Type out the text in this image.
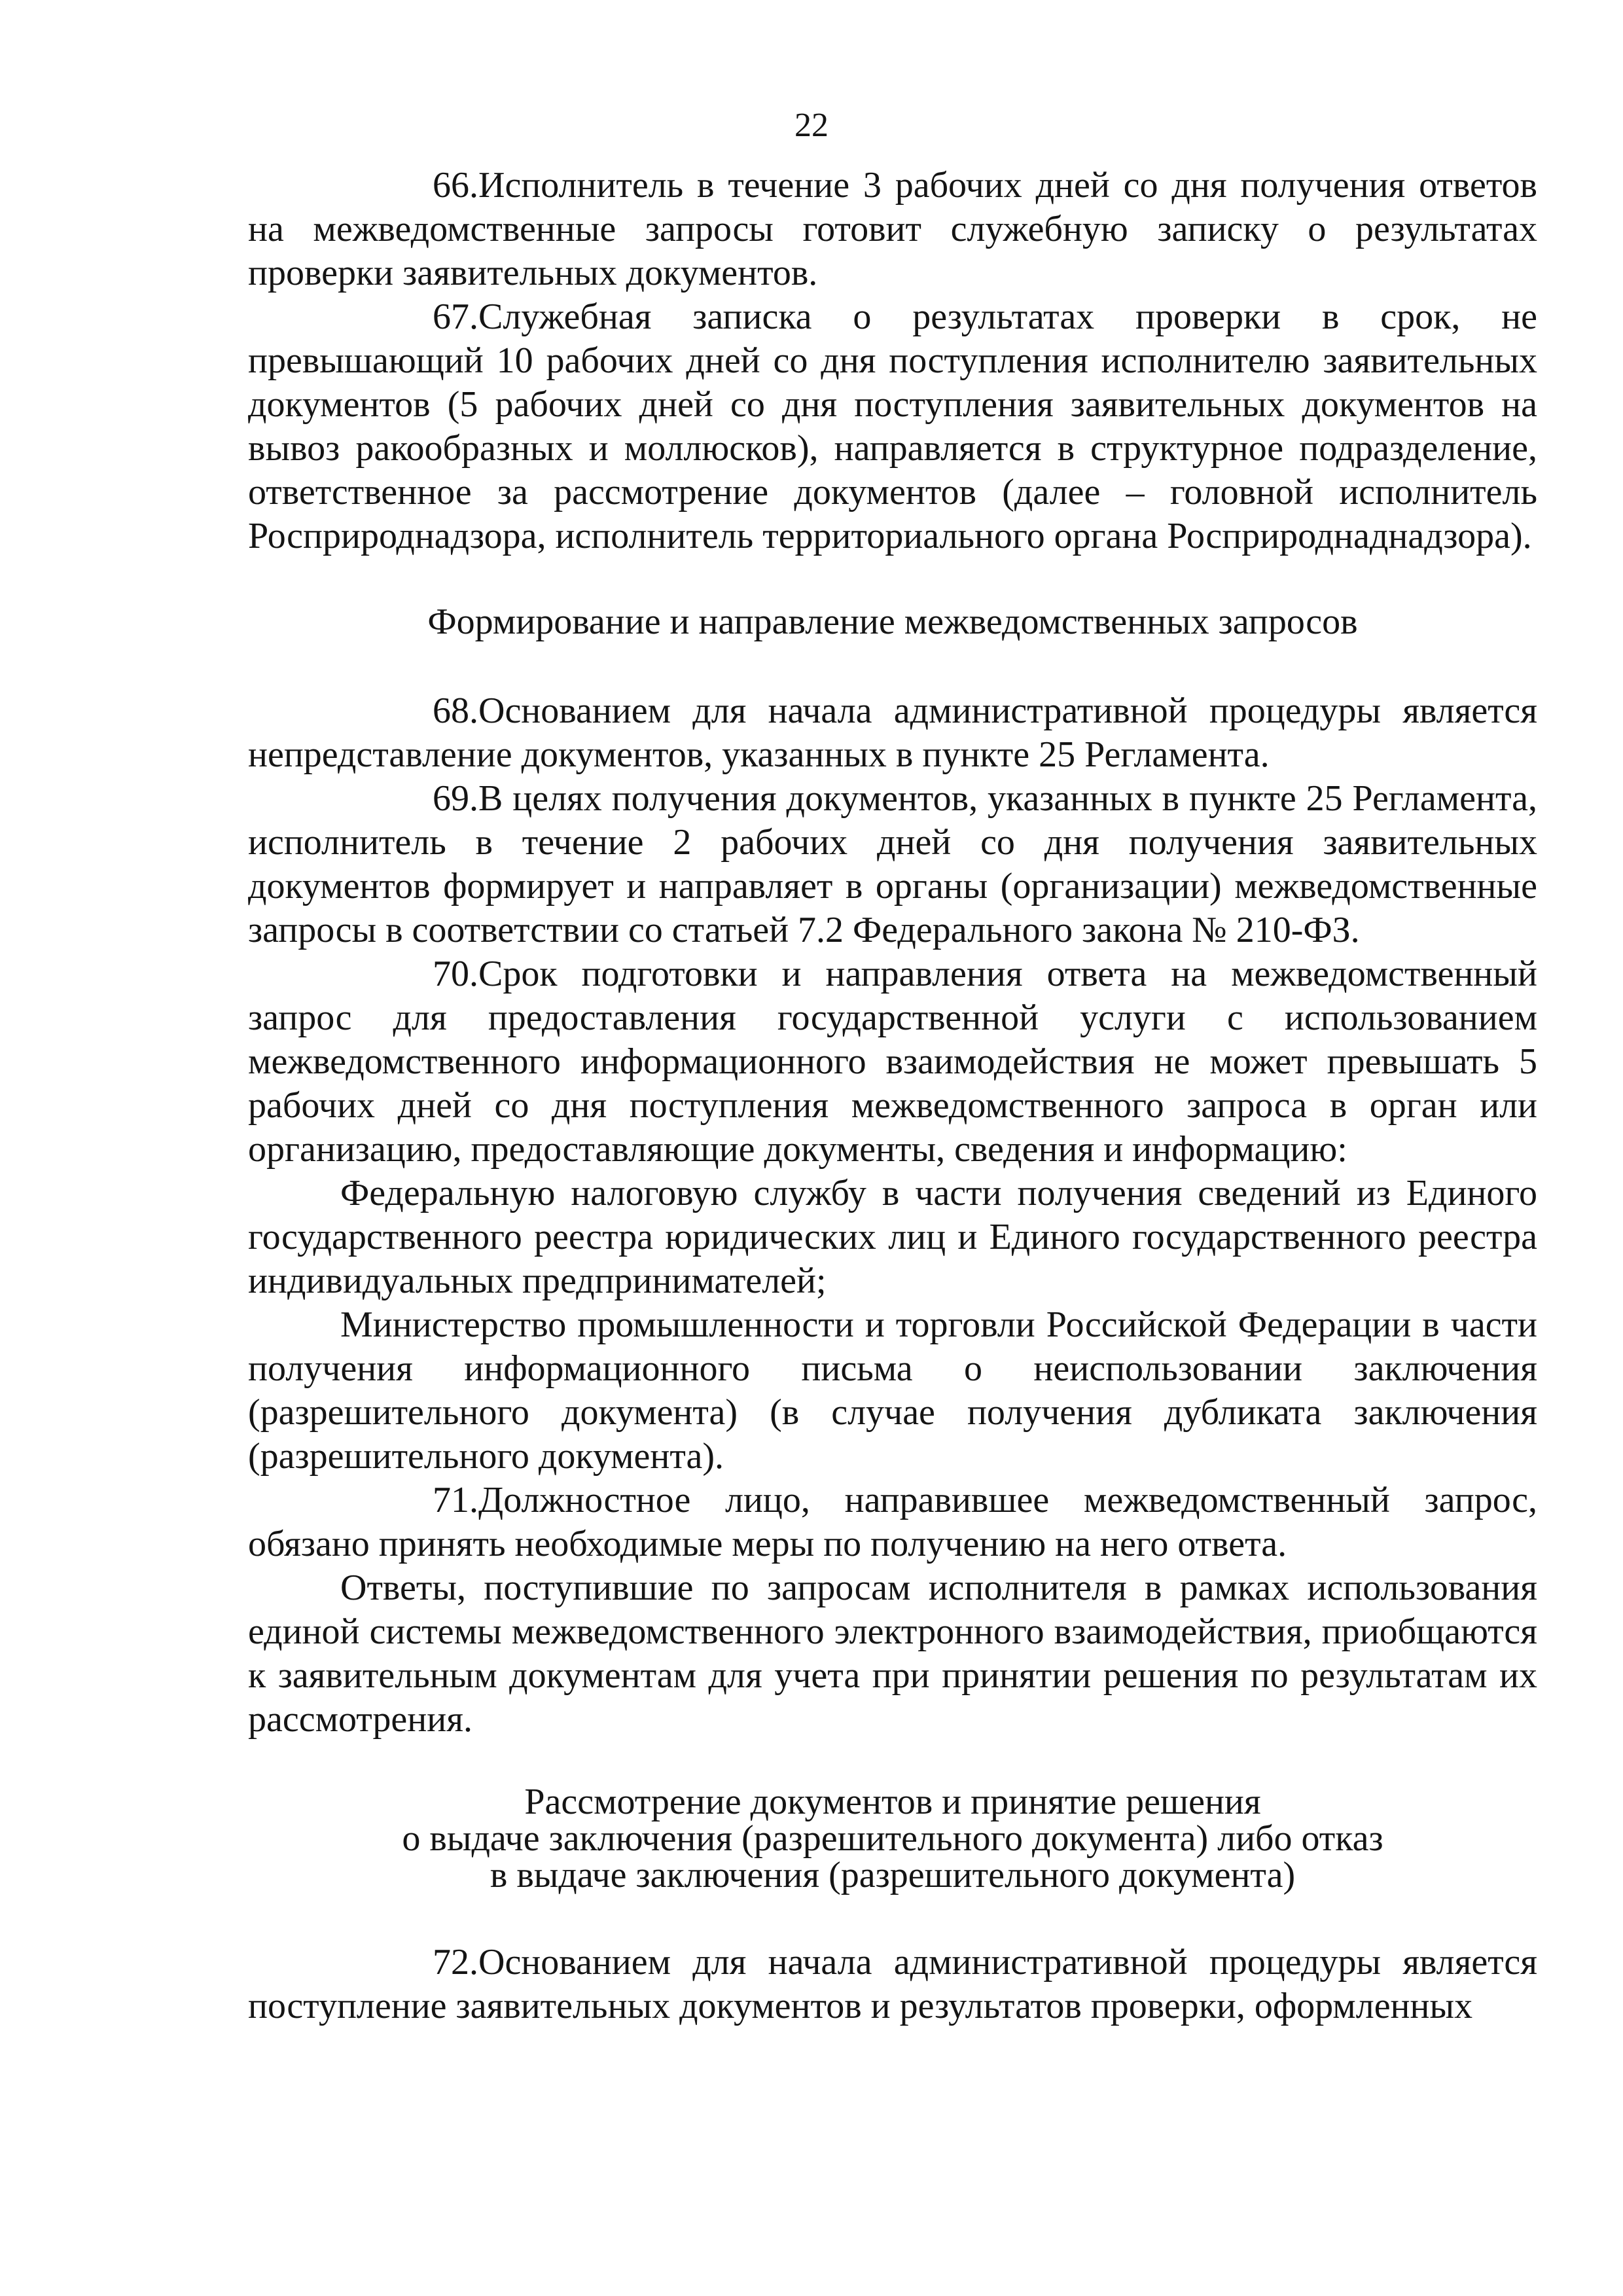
22

66.Исполнитель в течение 3 рабочих дней со дня получения ответов на межведомственные запросы готовит служебную записку о результатах проверки заявительных документов.

67.Служебная записка о результатах проверки в срок, не превышающий 10 рабочих дней со дня поступления исполнителю заявительных документов (5 рабочих дней со дня поступления заявительных документов на вывоз ракообразных и моллюсков), направляется в структурное подразделение, ответственное за рассмотрение документов (далее – головной исполнитель Росприроднадзора, исполнитель территориального органа Росприроднаднадзора).

Формирование и направление межведомственных запросов

68.Основанием для начала административной процедуры является непредставление документов, указанных в пункте 25 Регламента.

69.В целях получения документов, указанных в пункте 25 Регламента, исполнитель в течение 2 рабочих дней со дня получения заявительных документов формирует и направляет в органы (организации) межведомственные запросы в соответствии со статьей 7.2 Федерального закона № 210-ФЗ.

70.Срок подготовки и направления ответа на межведомственный запрос для предоставления государственной услуги с использованием межведомственного информационного взаимодействия не может превышать 5 рабочих дней со дня поступления межведомственного запроса в орган или организацию, предоставляющие документы, сведения и информацию:

Федеральную налоговую службу в части получения сведений из Единого государственного реестра юридических лиц и Единого государственного реестра индивидуальных предпринимателей;

Министерство промышленности и торговли Российской Федерации в части получения информационного письма о неиспользовании заключения (разрешительного документа) (в случае получения дубликата заключения (разрешительного документа).

71.Должностное лицо, направившее межведомственный запрос, обязано принять необходимые меры по получению на него ответа.

Ответы, поступившие по запросам исполнителя в рамках использования единой системы межведомственного электронного взаимодействия, приобщаются к заявительным документам для учета при принятии решения по результатам их рассмотрения.

Рассмотрение документов и принятие решения
о выдаче заключения (разрешительного документа) либо отказ
в выдаче заключения (разрешительного документа)

72.Основанием для начала административной процедуры является поступление заявительных документов и результатов проверки, оформленных
